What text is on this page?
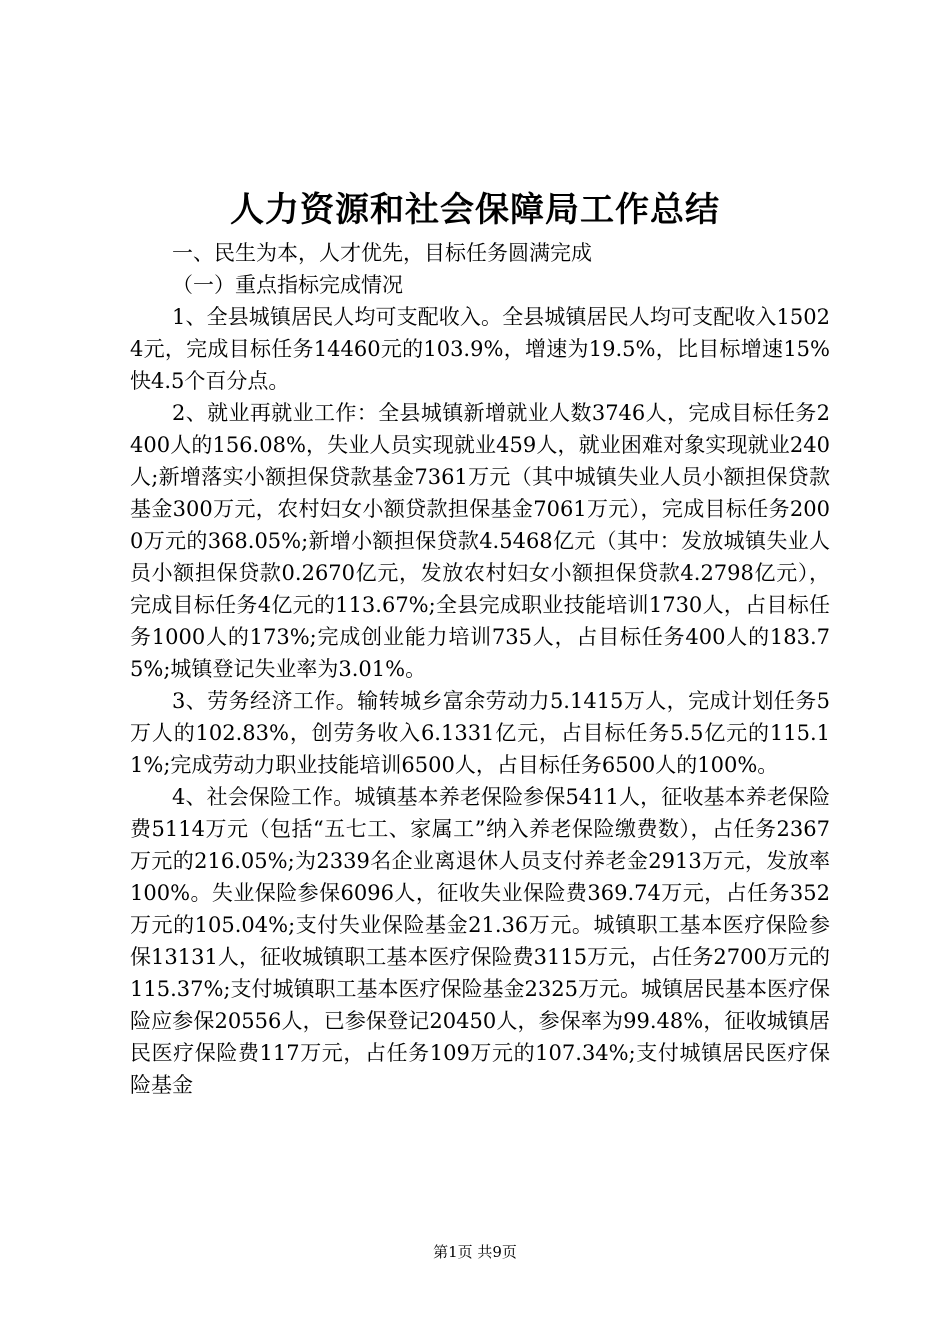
人力资源和社会保障局工作总结

一、民生为本，人才优先，目标任务圆满完成

（一）重点指标完成情况

1、全县城镇居民人均可支配收入。全县城镇居民人均可支配收入15024元，完成目标任务14460元的103.9%，增速为19.5%，比目标增速15%快4.5个百分点。

2、就业再就业工作：全县城镇新增就业人数3746人，完成目标任务2400人的156.08%，失业人员实现就业459人，就业困难对象实现就业240人;新增落实小额担保贷款基金7361万元（其中城镇失业人员小额担保贷款基金300万元，农村妇女小额贷款担保基金7061万元），完成目标任务2000万元的368.05%;新增小额担保贷款4.5468亿元（其中：发放城镇失业人员小额担保贷款0.2670亿元，发放农村妇女小额担保贷款4.2798亿元），完成目标任务4亿元的113.67%;全县完成职业技能培训1730人，占目标任务1000人的173%;完成创业能力培训735人，占目标任务400人的183.75%;城镇登记失业率为3.01%。

3、劳务经济工作。输转城乡富余劳动力5.1415万人，完成计划任务5万人的102.83%，创劳务收入6.1331亿元，占目标任务5.5亿元的115.11%;完成劳动力职业技能培训6500人，占目标任务6500人的100%。

4、社会保险工作。城镇基本养老保险参保5411人，征收基本养老保险费5114万元（包括“五七工、家属工”纳入养老保险缴费数），占任务2367万元的216.05%;为2339名企业离退休人员支付养老金2913万元，发放率100%。失业保险参保6096人，征收失业保险费369.74万元，占任务352万元的105.04%;支付失业保险基金21.36万元。城镇职工基本医疗保险参保13131人，征收城镇职工基本医疗保险费3115万元，占任务2700万元的115.37%;支付城镇职工基本医疗保险基金2325万元。城镇居民基本医疗保险应参保20556人，已参保登记20450人，参保率为99.48%，征收城镇居民医疗保险费117万元，占任务109万元的107.34%;支付城镇居民医疗保险基金

第1页 共9页
